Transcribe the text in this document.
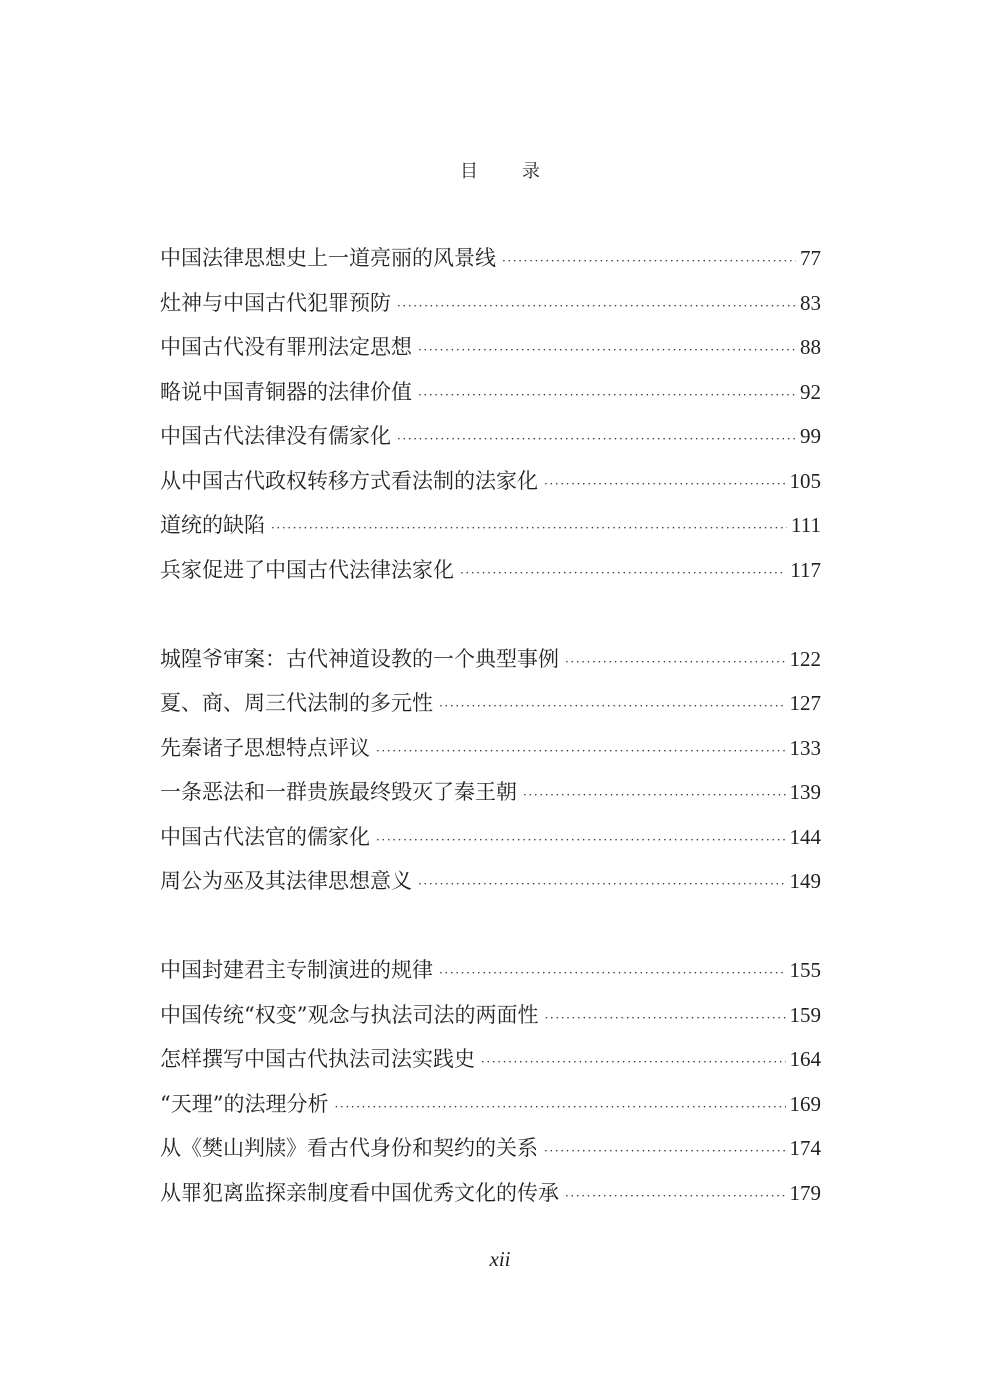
目录
中国法律思想史上一道亮丽的风景线 ·····	77
灶神与中国古代犯罪预防 ·····	83
中国古代没有罪刑法定思想 ·····	88
略说中国青铜器的法律价值 ·····	92
中国古代法律没有儒家化 ·····	99
从中国古代政权转移方式看法制的法家化 ·····	105
道统的缺陷 ·····	111
兵家促进了中国古代法律法家化 ·····	117
城隍爷审案：古代神道设教的一个典型事例 ·····	122
夏、商、周三代法制的多元性 ·····	127
先秦诸子思想特点评议 ·····	133
一条恶法和一群贵族最终毁灭了秦王朝 ·····	139
中国古代法官的儒家化 ·····	144
周公为巫及其法律思想意义 ·····	149
中国封建君主专制演进的规律 ·····	155
中国传统“权变”观念与执法司法的两面性 ·····	159
怎样撰写中国古代执法司法实践史 ·····	164
“天理”的法理分析 ·····	169
从《樊山判牍》看古代身份和契约的关系 ·····	174
从罪犯离监探亲制度看中国优秀文化的传承 ·····	179
xii
